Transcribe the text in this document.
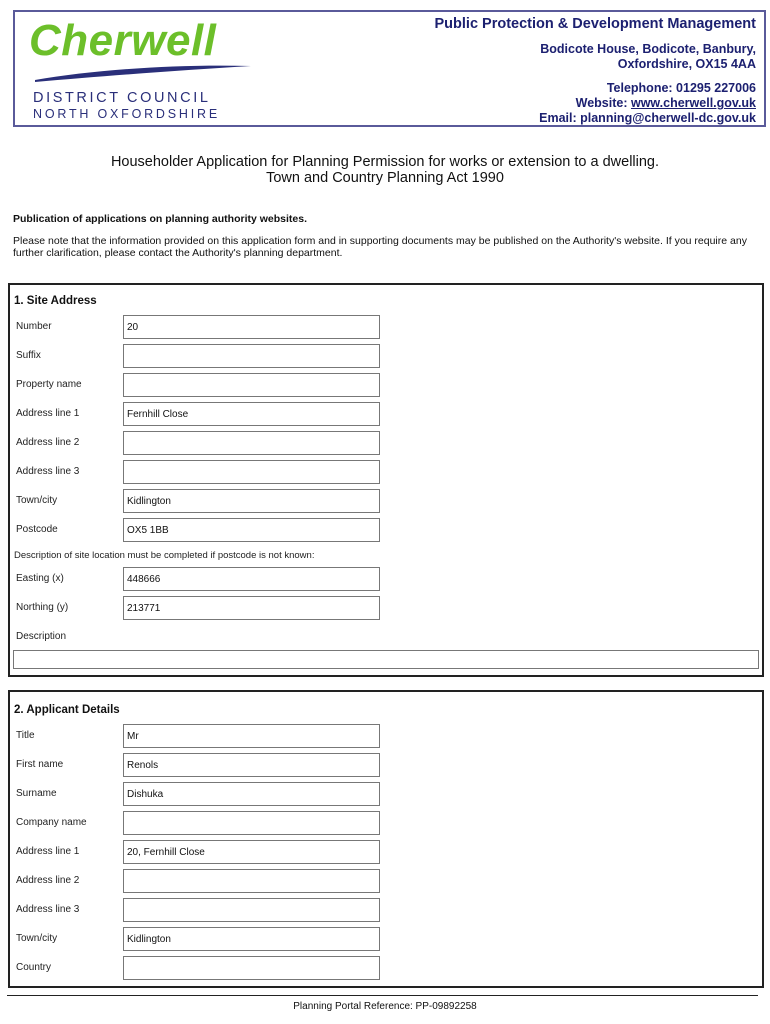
Cherwell
DISTRICT COUNCIL
NORTH OXFORDSHIRE
Public Protection & Development Management
Bodicote House, Bodicote, Banbury,
Oxfordshire, OX15 4AA
Telephone: 01295 227006
Website: www.cherwell.gov.uk
Email: planning@cherwell-dc.gov.uk
Householder Application for Planning Permission for works or extension to a dwelling.
Town and Country Planning Act 1990
Publication of applications on planning authority websites.
Please note that the information provided on this application form and in supporting documents may be published on the Authority's website. If you require any further clarification, please contact the Authority's planning department.
1. Site Address
Number	20
Suffix
Property name
Address line 1	Fernhill Close
Address line 2
Address line 3
Town/city	Kidlington
Postcode	OX5 1BB
Description of site location must be completed if postcode is not known:
Easting (x)	448666
Northing (y)	213771
Description
2. Applicant Details
Title	Mr
First name	Renols
Surname	Dishuka
Company name
Address line 1	20, Fernhill Close
Address line 2
Address line 3
Town/city	Kidlington
Country
Planning Portal Reference: PP-09892258
